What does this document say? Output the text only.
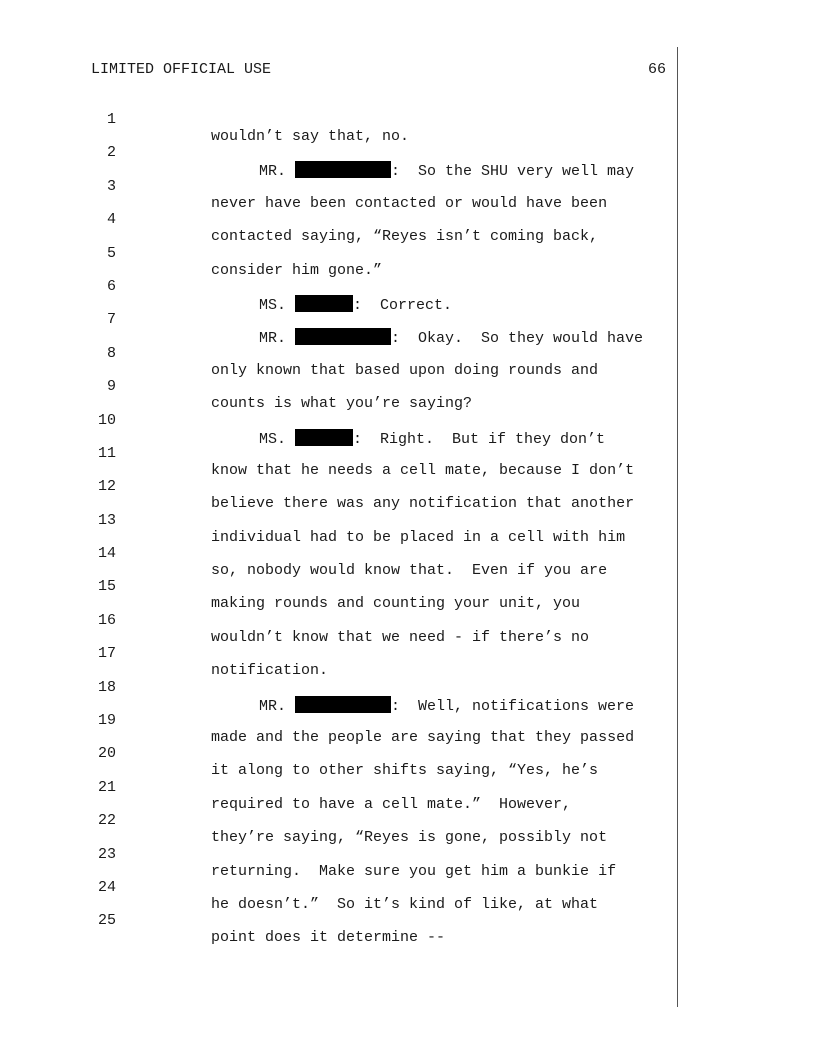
LIMITED OFFICIAL USE	66

1

wouldn’t say that, no.

2

MR.	:  So the SHU very well may

3

never have been contacted or would have been

4

contacted saying, “Reyes isn’t coming back,

5

consider him gone.”

6

MS.	:  Correct.

7

MR.	:  Okay.  So they would have

8

only known that based upon doing rounds and

9

counts is what you’re saying?

10

MS.	:  Right.  But if they don’t

11

know that he needs a cell mate, because I don’t

12

believe there was any notification that another

13

individual had to be placed in a cell with him

14

so, nobody would know that.  Even if you are

15

making rounds and counting your unit, you

16

wouldn’t know that we need - if there’s no

17

notification.

18

MR.	:  Well, notifications were

19

made and the people are saying that they passed

20

it along to other shifts saying, “Yes, he’s

21

required to have a cell mate.”  However,

22

they’re saying, “Reyes is gone, possibly not

23

returning.  Make sure you get him a bunkie if

24

he doesn’t.”  So it’s kind of like, at what

25

point does it determine --
